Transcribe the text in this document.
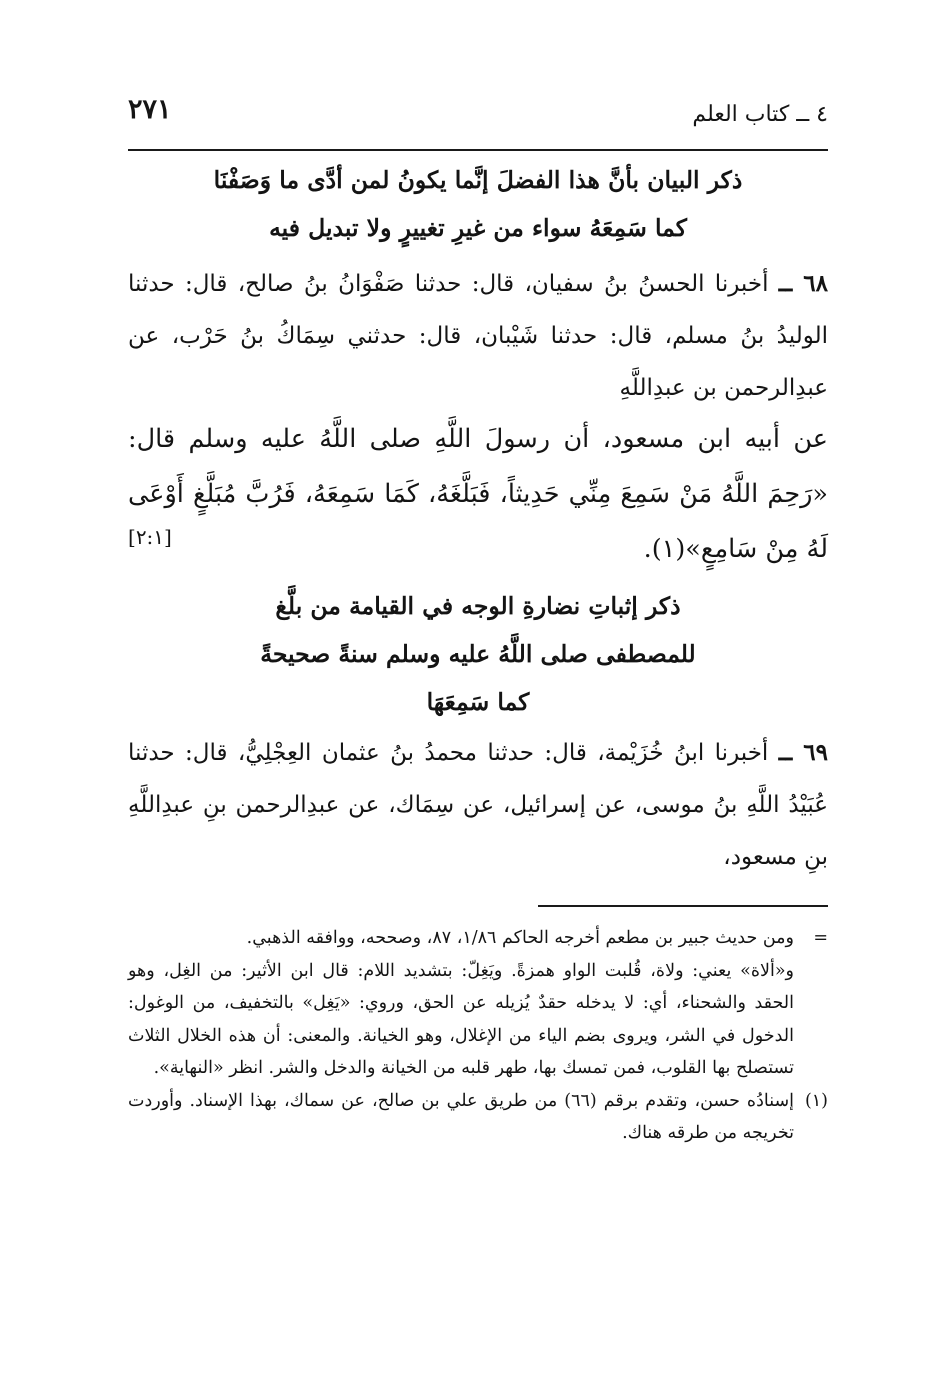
٢٧١	٤ ــ كتاب العلم
ذكر البيان بأنَّ هذا الفضلَ إنَّما يكونُ لمن أدَّى ما وَصَفْنَا
كما سَمِعَهُ سواء من غيرِ تغييرٍ ولا تبديل فيه
٦٨ ــ أخبرنا الحسنُ بنُ سفيان، قال: حدثنا صَفْوَانُ بنُ صالح، قال: حدثنا الوليدُ بنُ مسلم، قال: حدثنا شَيْبان، قال: حدثني سِمَاكُ بنُ حَرْب، عن عبدِالرحمن بن عبدِاللَّهِ
عن أبيه ابن مسعود، أن رسولَ اللَّهِ صلى اللَّهُ عليه وسلم قال: «رَحِمَ اللَّهُ مَنْ سَمِعَ مِنِّي حَدِيثاً، فَبَلَّغَهُ، كَمَا سَمِعَهُ، فَرُبَّ مُبَلَّغٍ أَوْعَى لَهُ مِنْ سَامِعٍ»(١).
[٢:١]
ذكر إثباتِ نضارةِ الوجه في القيامة من بلَّغ
للمصطفى صلى اللَّهُ عليه وسلم سنةً صحيحةً
كما سَمِعَهَا
٦٩ ــ أخبرنا ابنُ خُزَيْمة، قال: حدثنا محمدُ بنُ عثمان العِجْلِيُّ، قال: حدثنا عُبَيْدُ اللَّهِ بنُ موسى، عن إسرائيل، عن سِمَاك، عن عبدِالرحمن بنِ عبدِاللَّهِ بنِ مسعود،
=
ومن حديث جبير بن مطعم أخرجه الحاكم ١/٨٦، ٨٧، وصححه، ووافقه الذهبي.
و«ألاة» يعني: ولاة، قُلبت الواو همزةً. ويَغِلّ: بتشديد اللام: قال ابن الأثير: من الغِل، وهو الحقد والشحناء، أي: لا يدخله حقدٌ يُزيله عن الحق، وروي: «يَغِل» بالتخفيف، من الوغول: الدخول في الشر، ويروى بضم الياء من الإغلال، وهو الخيانة. والمعنى: أن هذه الخلال الثلاث تستصلح بها القلوب، فمن تمسك بها، طهر قلبه من الخيانة والدخل والشر. انظر «النهاية».
(١)
إسنادُه حسن، وتقدم برقم (٦٦) من طريق علي بن صالح، عن سماك، بهذا الإسناد. وأوردت تخريجه من طرقه هناك.
